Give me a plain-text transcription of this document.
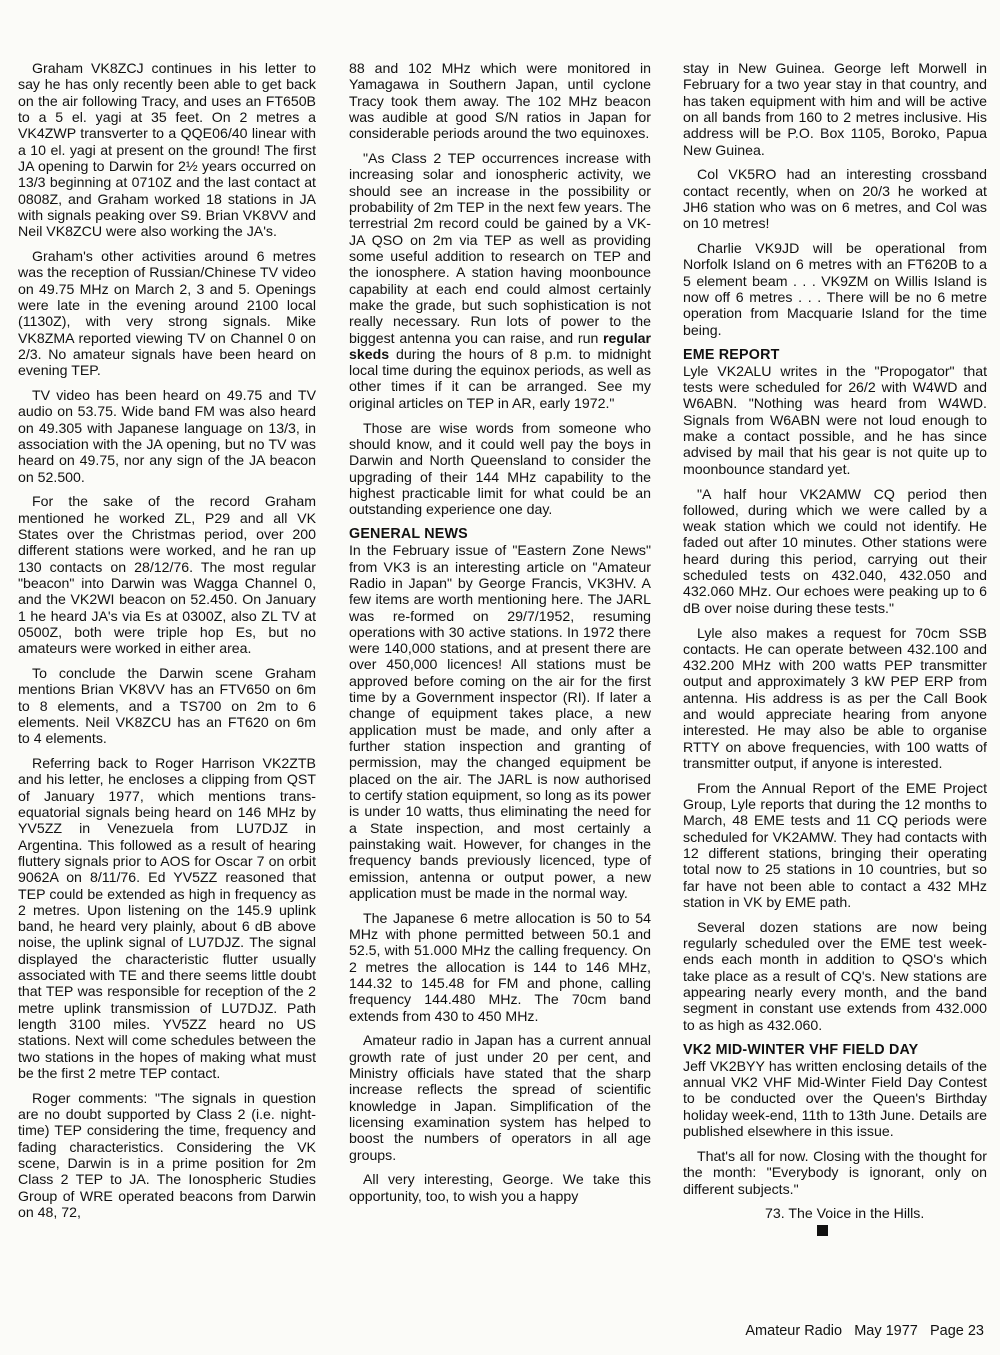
Graham VK8ZCJ continues in his letter to say he has only recently been able to get back on the air following Tracy, and uses an FT650B to a 5 el. yagi at 35 feet. On 2 metres a VK4ZWP transverter to a QQE06/40 linear with a 10 el. yagi at present on the ground! The first JA opening to Darwin for 2½ years occurred on 13/3 beginning at 0710Z and the last contact at 0808Z, and Graham worked 18 stations in JA with signals peaking over S9. Brian VK8VV and Neil VK8ZCU were also working the JA's.

Graham's other activities around 6 metres was the reception of Russian/Chinese TV video on 49.75 MHz on March 2, 3 and 5. Openings were late in the evening around 2100 local (1130Z), with very strong signals. Mike VK8ZMA reported viewing TV on Channel 0 on 2/3. No amateur signals have been heard on evening TEP.

TV video has been heard on 49.75 and TV audio on 53.75. Wide band FM was also heard on 49.305 with Japanese language on 13/3, in association with the JA opening, but no TV was heard on 49.75, nor any sign of the JA beacon on 52.500.

For the sake of the record Graham mentioned he worked ZL, P29 and all VK States over the Christmas period, over 200 different stations were worked, and he ran up 130 contacts on 28/12/76. The most regular "beacon" into Darwin was Wagga Channel 0, and the VK2WI beacon on 52.450. On January 1 he heard JA's via Es at 0300Z, also ZL TV at 0500Z, both were triple hop Es, but no amateurs were worked in either area.

To conclude the Darwin scene Graham mentions Brian VK8VV has an FTV650 on 6m to 8 elements, and a TS700 on 2m to 6 elements. Neil VK8ZCU has an FT620 on 6m to 4 elements.

Referring back to Roger Harrison VK2ZTB and his letter, he encloses a clipping from QST of January 1977, which mentions trans-equatorial signals being heard on 146 MHz by YV5ZZ in Venezuela from LU7DJZ in Argentina. This followed as a result of hearing fluttery signals prior to AOS for Oscar 7 on orbit 9062A on 8/11/76. Ed YV5ZZ reasoned that TEP could be extended as high in frequency as 2 metres. Upon listening on the 145.9 uplink band, he heard very plainly, about 6 dB above noise, the uplink signal of LU7DJZ. The signal displayed the characteristic flutter usually associated with TE and there seems little doubt that TEP was responsible for reception of the 2 metre uplink transmission of LU7DJZ. Path length 3100 miles. YV5ZZ heard no US stations. Next will come schedules between the two stations in the hopes of making what must be the first 2 metre TEP contact.

Roger comments: "The signals in question are no doubt supported by Class 2 (i.e. night-time) TEP considering the time, frequency and fading characteristics. Considering the VK scene, Darwin is in a prime position for 2m Class 2 TEP to JA. The Ionospheric Studies Group of WRE operated beacons from Darwin on 48, 72,

88 and 102 MHz which were monitored in Yamagawa in Southern Japan, until cyclone Tracy took them away. The 102 MHz beacon was audible at good S/N ratios in Japan for considerable periods around the two equinoxes.

"As Class 2 TEP occurrences increase with increasing solar and ionospheric activity, we should see an increase in the possibility or probability of 2m TEP in the next few years. The terrestrial 2m record could be gained by a VK-JA QSO on 2m via TEP as well as providing some useful addition to research on TEP and the ionosphere. A station having moonbounce capability at each end could almost certainly make the grade, but such sophistication is not really necessary. Run lots of power to the biggest antenna you can raise, and run regular skeds during the hours of 8 p.m. to midnight local time during the equinox periods, as well as other times if it can be arranged. See my original articles on TEP in AR, early 1972."

Those are wise words from someone who should know, and it could well pay the boys in Darwin and North Queensland to consider the upgrading of their 144 MHz capability to the highest practicable limit for what could be an outstanding experience one day.

GENERAL NEWS

In the February issue of "Eastern Zone News" from VK3 is an interesting article on "Amateur Radio in Japan" by George Francis, VK3HV. A few items are worth mentioning here. The JARL was re-formed on 29/7/1952, resuming operations with 30 active stations. In 1972 there were 140,000 stations, and at present there are over 450,000 licences! All stations must be approved before coming on the air for the first time by a Government inspector (RI). If later a change of equipment takes place, a new application must be made, and only after a further station inspection and granting of permission, may the changed equipment be placed on the air. The JARL is now authorised to certify station equipment, so long as its power is under 10 watts, thus eliminating the need for a State inspection, and most certainly a painstaking wait. However, for changes in the frequency bands previously licenced, type of emission, antenna or output power, a new application must be made in the normal way.

The Japanese 6 metre allocation is 50 to 54 MHz with phone permitted between 50.1 and 52.5, with 51.000 MHz the calling frequency. On 2 metres the allocation is 144 to 146 MHz, 144.32 to 145.48 for FM and phone, calling frequency 144.480 MHz. The 70cm band extends from 430 to 450 MHz.

Amateur radio in Japan has a current annual growth rate of just under 20 per cent, and Ministry officials have stated that the sharp increase reflects the spread of scientific knowledge in Japan. Simplification of the licensing examination system has helped to boost the numbers of operators in all age groups.

All very interesting, George. We take this opportunity, too, to wish you a happy

stay in New Guinea. George left Morwell in February for a two year stay in that country, and has taken equipment with him and will be active on all bands from 160 to 2 metres inclusive. His address will be P.O. Box 1105, Boroko, Papua New Guinea.

Col VK5RO had an interesting crossband contact recently, when on 20/3 he worked at JH6 station who was on 6 metres, and Col was on 10 metres!

Charlie VK9JD will be operational from Norfolk Island on 6 metres with an FT620B to a 5 element beam . . . VK9ZM on Willis Island is now off 6 metres . . . There will be no 6 metre operation from Macquarie Island for the time being.

EME REPORT

Lyle VK2ALU writes in the "Propogator" that tests were scheduled for 26/2 with W4WD and W6ABN. "Nothing was heard from W4WD. Signals from W6ABN were not loud enough to make a contact possible, and he has since advised by mail that his gear is not quite up to moonbounce standard yet.

"A half hour VK2AMW CQ period then followed, during which we were called by a weak station which we could not identify. He faded out after 10 minutes. Other stations were heard during this period, carrying out their scheduled tests on 432.040, 432.050 and 432.060 MHz. Our echoes were peaking up to 6 dB over noise during these tests."

Lyle also makes a request for 70cm SSB contacts. He can operate between 432.100 and 432.200 MHz with 200 watts PEP transmitter output and approximately 3 kW PEP ERP from antenna. His address is as per the Call Book and would appreciate hearing from anyone interested. He may also be able to organise RTTY on above frequencies, with 100 watts of transmitter output, if anyone is interested.

From the Annual Report of the EME Project Group, Lyle reports that during the 12 months to March, 48 EME tests and 11 CQ periods were scheduled for VK2AMW. They had contacts with 12 different stations, bringing their operating total now to 25 stations in 10 countries, but so far have not been able to contact a 432 MHz station in VK by EME path.

Several dozen stations are now being regularly scheduled over the EME test week-ends each month in addition to QSO's which take place as a result of CQ's. New stations are appearing nearly every month, and the band segment in constant use extends from 432.000 to as high as 432.060.

VK2 MID-WINTER VHF FIELD DAY

Jeff VK2BYY has written enclosing details of the annual VK2 VHF Mid-Winter Field Day Contest to be conducted over the Queen's Birthday holiday week-end, 11th to 13th June. Details are published elsewhere in this issue.

That's all for now. Closing with the thought for the month: "Everybody is ignorant, only on different subjects."

73. The Voice in the Hills.

Amateur Radio May 1977 Page 23
